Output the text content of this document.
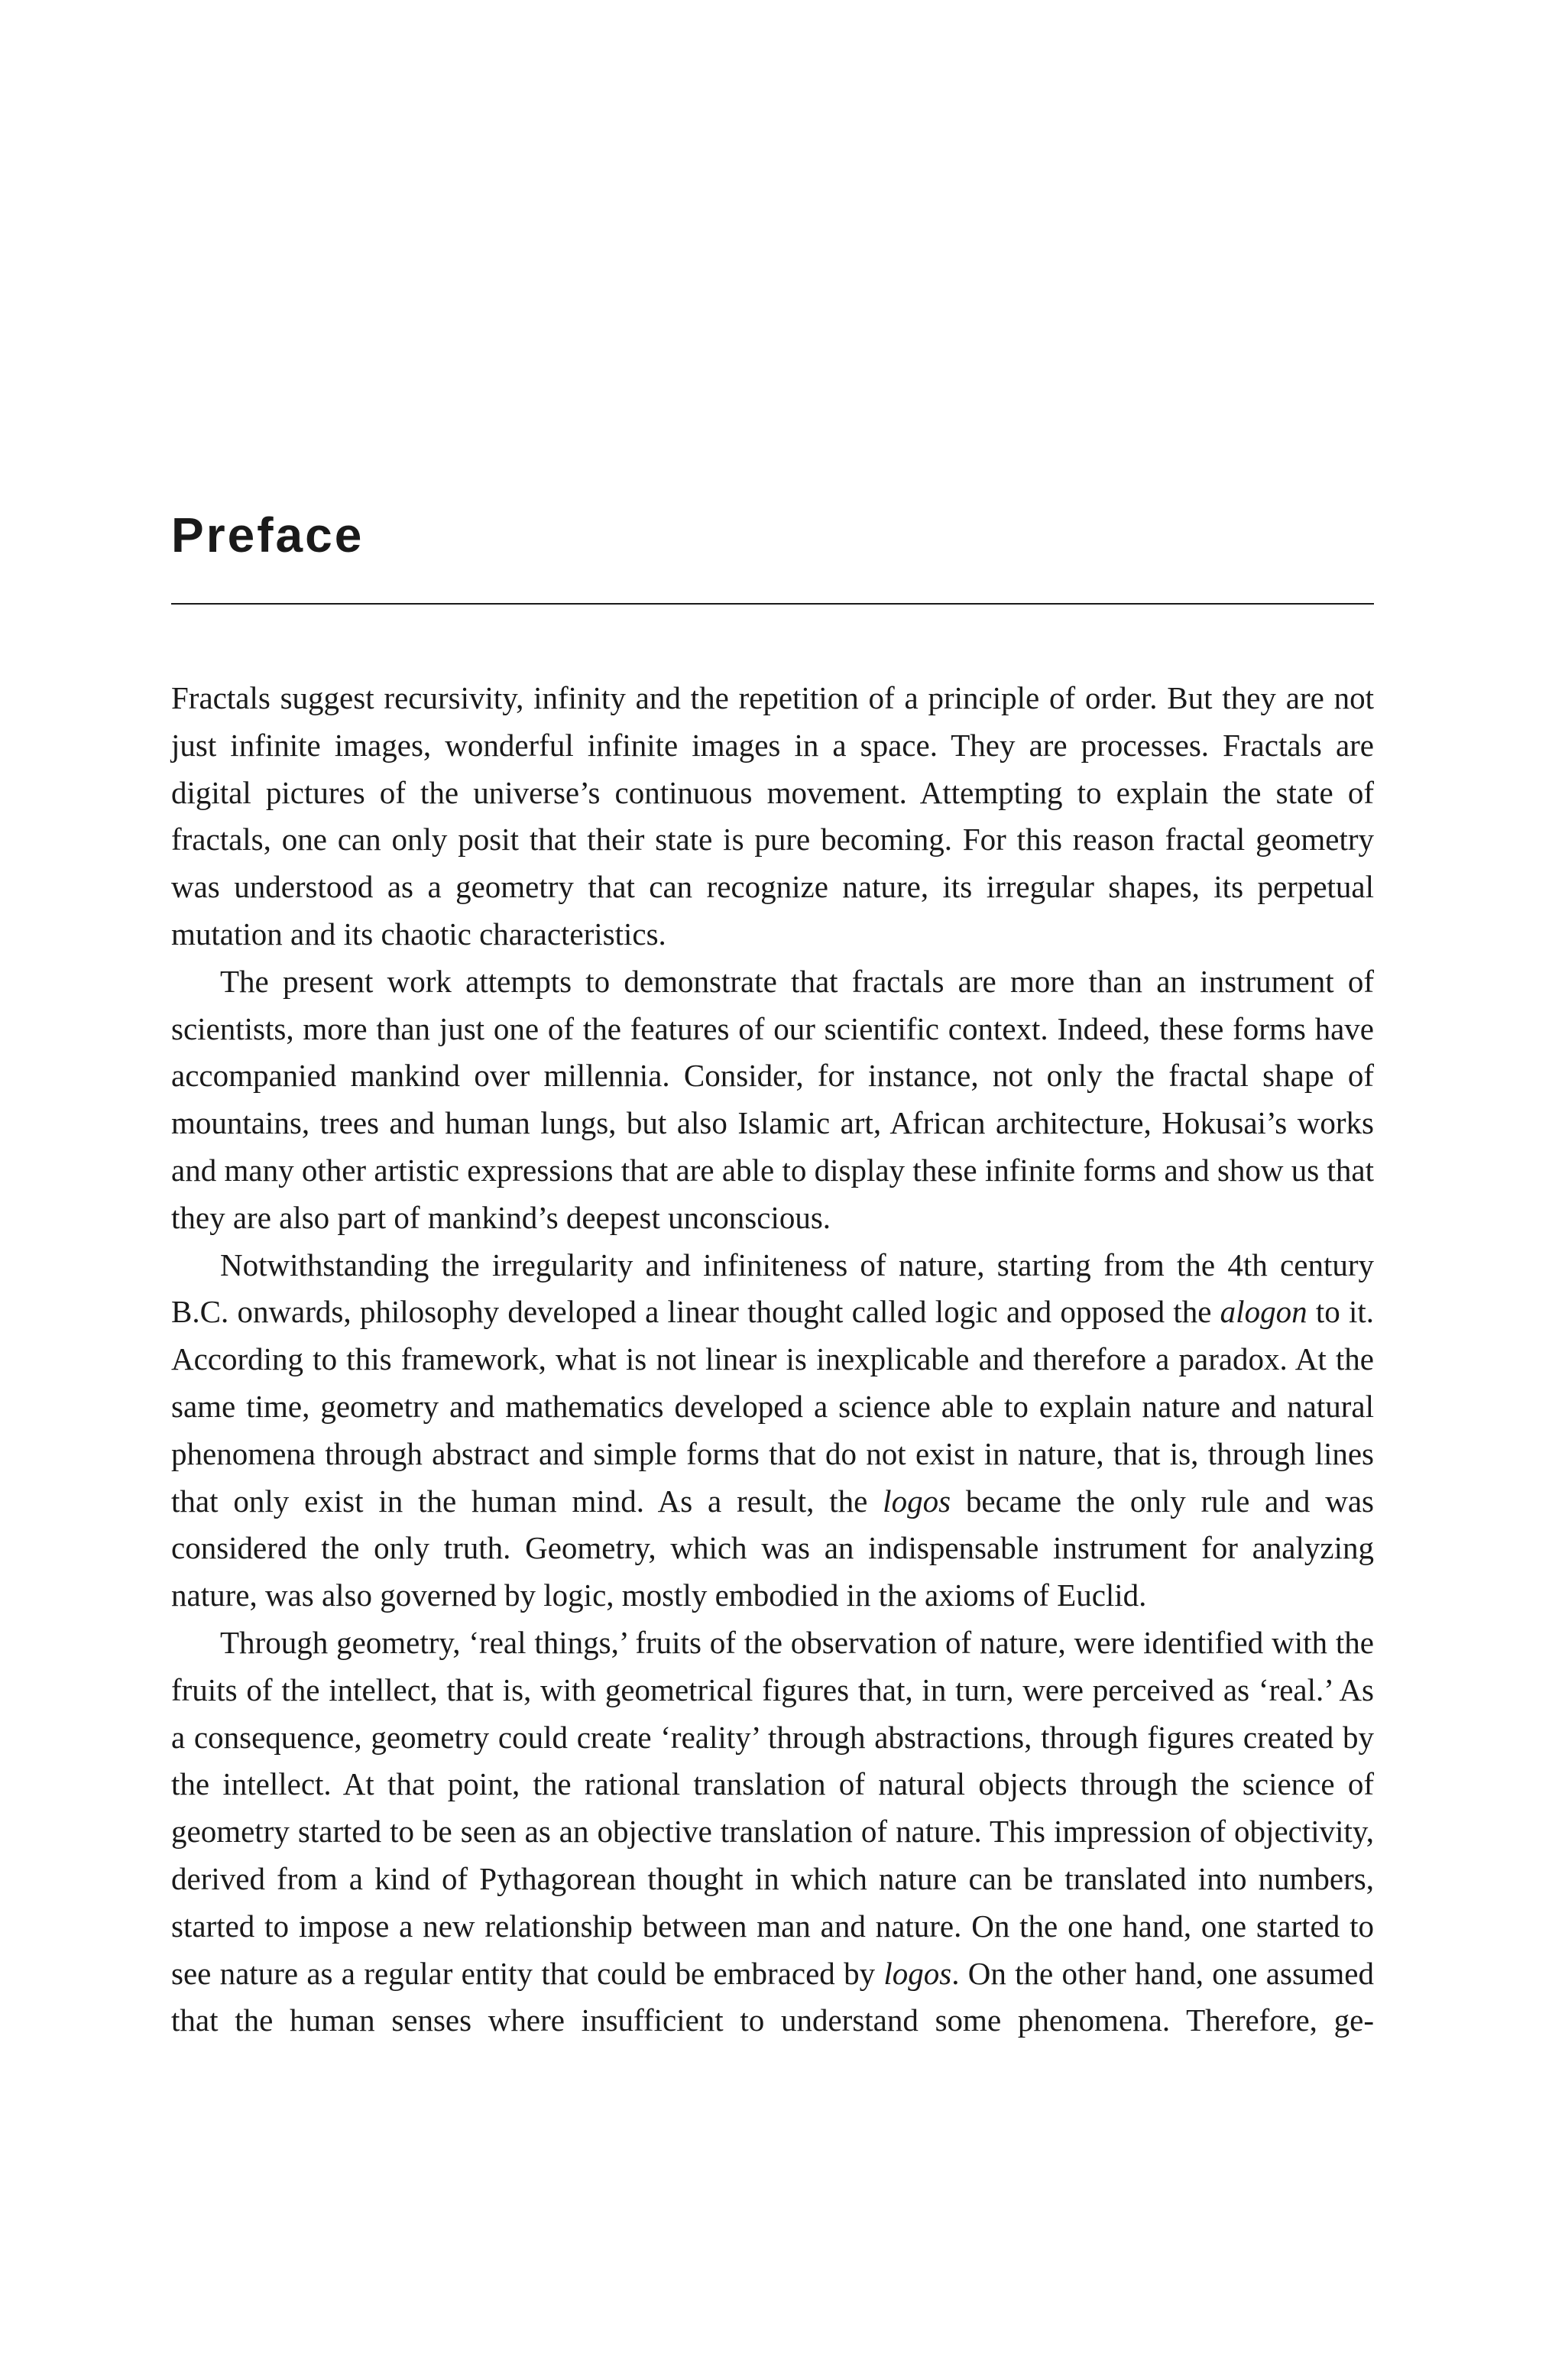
Preface

Fractals suggest recursivity, infinity and the repetition of a principle of order. But they are not just infinite images, wonderful infinite images in a space. They are processes. Fractals are digital pictures of the universe’s continuous movement. Attempting to explain the state of fractals, one can only posit that their state is pure becoming. For this reason fractal geometry was understood as a geometry that can recognize nature, its irregular shapes, its perpetual mutation and its chaotic characteristics.

The present work attempts to demonstrate that fractals are more than an instrument of scientists, more than just one of the features of our scientific context. Indeed, these forms have accompanied mankind over millennia. Consider, for instance, not only the fractal shape of mountains, trees and human lungs, but also Islamic art, African architecture, Hokusai’s works and many other artistic expressions that are able to display these infinite forms and show us that they are also part of mankind’s deepest unconscious.

Notwithstanding the irregularity and infiniteness of nature, starting from the 4th century B.C. onwards, philosophy developed a linear thought called logic and opposed the alogon to it. According to this framework, what is not linear is inexplicable and therefore a paradox. At the same time, geometry and mathematics developed a science able to explain nature and natural phenomena through abstract and simple forms that do not exist in nature, that is, through lines that only exist in the human mind. As a result, the logos became the only rule and was considered the only truth. Geometry, which was an indispensable instrument for analyzing nature, was also governed by logic, mostly embodied in the axioms of Euclid.

Through geometry, ‘real things,’ fruits of the observation of nature, were identified with the fruits of the intellect, that is, with geometrical figures that, in turn, were perceived as ‘real.’ As a consequence, geometry could create ‘reality’ through abstractions, through figures created by the intellect. At that point, the rational translation of natural objects through the science of geometry started to be seen as an objective translation of nature. This impression of objectivity, derived from a kind of Pythagorean thought in which nature can be translated into numbers, started to impose a new relationship between man and nature. On the one hand, one started to see nature as a regular entity that could be embraced by logos. On the other hand, one assumed that the human senses where insufficient to understand some phenomena. Therefore, ge-
